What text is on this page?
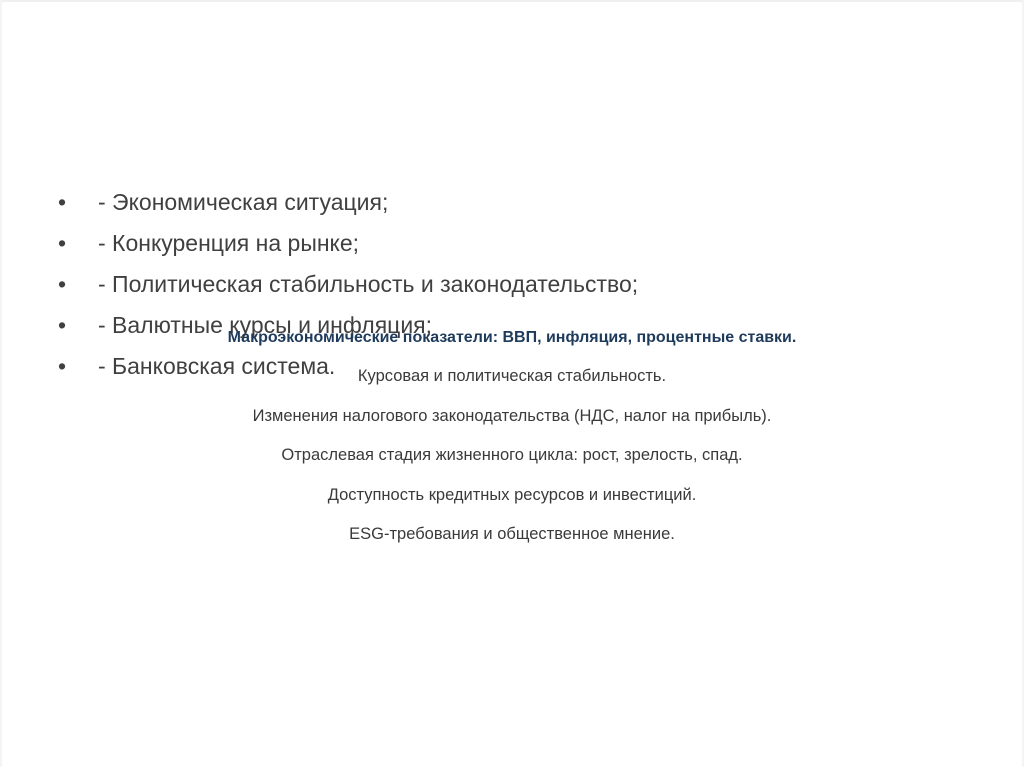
• - Экономическая ситуация;
• - Конкуренция на рынке;
• - Политическая стабильность и законодательство;
• - Валютные курсы и инфляция;
• - Банковская система.
Макроэкономические показатели: ВВП, инфляция, процентные ставки.
Курсовая и политическая стабильность.
Изменения налогового законодательства (НДС, налог на прибыль).
Отраслевая стадия жизненного цикла: рост, зрелость, спад.
Доступность кредитных ресурсов и инвестиций.
ESG-требования и общественное мнение.
